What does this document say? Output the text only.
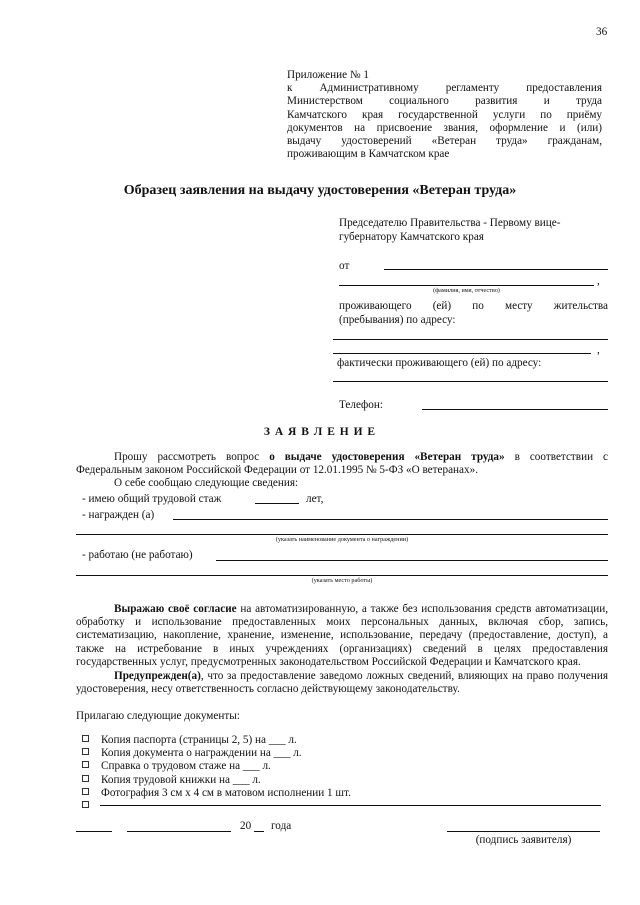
36
Приложение № 1
к Административному регламенту предоставления
Министерством социального развития и труда
Камчатского края государственной услуги по приёму
документов на присвоение звания, оформление и (или)
выдачу удостоверений «Ветеран труда» гражданам,
проживающим в Камчатском крае
Образец заявления на выдачу удостоверения «Ветеран труда»
Председателю Правительства - Первому вице-
губернатору Камчатского края
от
,
(фамилия, имя, отчество)
проживающего (ей) по месту жительства
(пребывания) по адресу:
,
фактически проживающего (ей) по адресу:
Телефон:
З А Я В Л Е Н И Е
Прошу рассмотреть вопрос о выдаче удостоверения «Ветеран труда» в соответствии с
Федеральным законом Российской Федерации от 12.01.1995 № 5-ФЗ «О ветеранах».
О себе сообщаю следующие сведения:
- имею общий трудовой стаж	лет,
- награжден (а)
(указать наименование документа о награждении)
- работаю (не работаю)
(указать место работы)
Выражаю своё согласие на автоматизированную, а также без использования средств автоматизации, обработку и использование предоставленных моих персональных данных, включая сбор, запись, систематизацию, накопление, хранение, изменение, использование, передачу (предоставление, доступ), а также на истребование в иных учреждениях (организациях) сведений в целях предоставления государственных услуг, предусмотренных законодательством Российской Федерации и Камчатского края.
Предупрежден(а), что за предоставление заведомо ложных сведений, влияющих на право получения удостоверения, несу ответственность согласно действующему законодательству.
Прилагаю следующие документы:
Копия паспорта (страницы 2, 5) на ___ л.
Копия документа о награждении на ___ л.
Справка о трудовом стаже на ___ л.
Копия трудовой книжки на ___ л.
Фотография 3 см х 4 см в матовом исполнении 1 шт.
20 года
(подпись заявителя)
